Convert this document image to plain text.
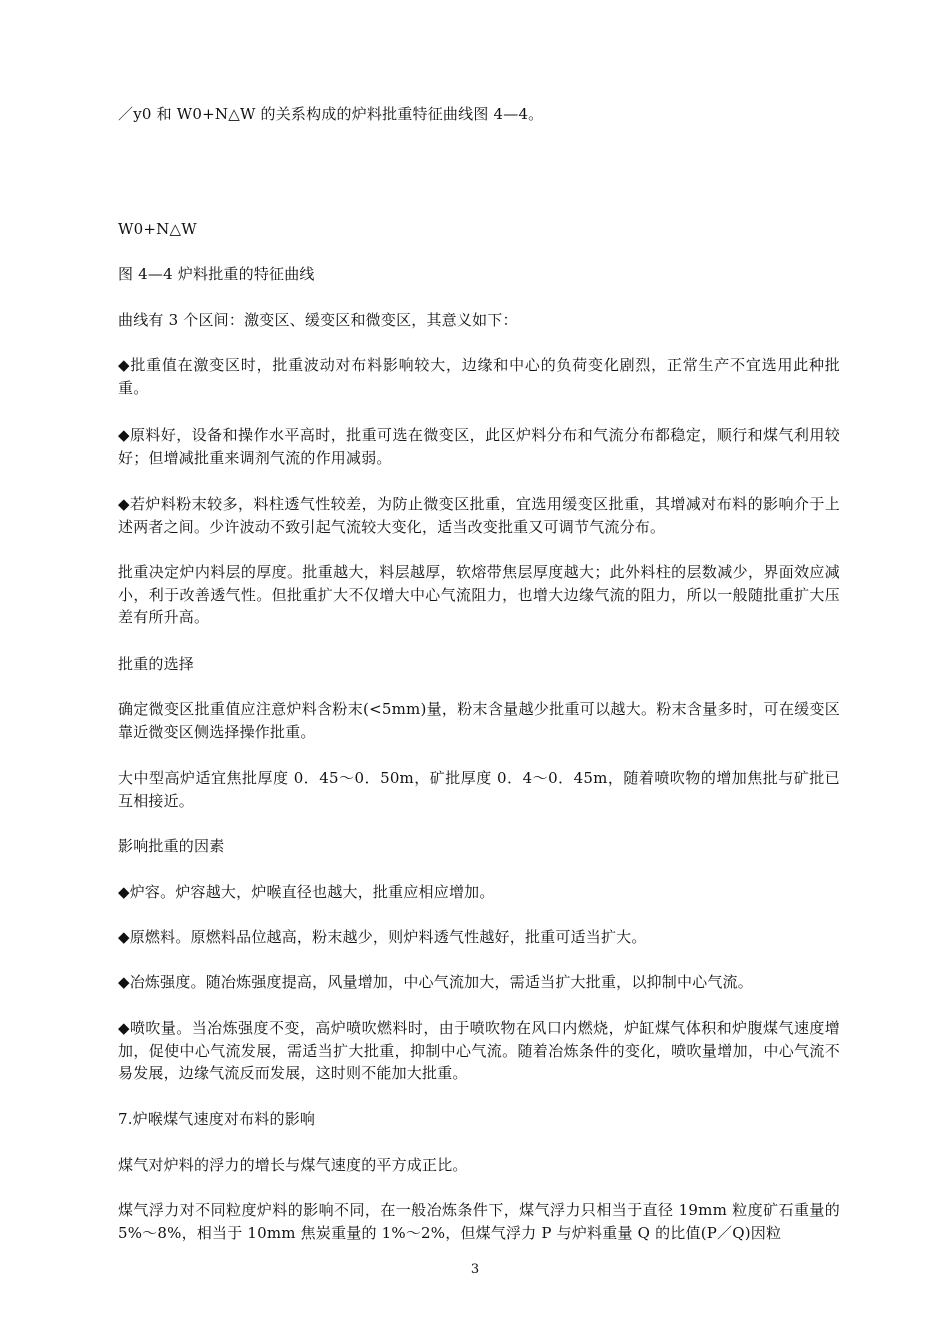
／y0 和 W0+N△W 的关系构成的炉料批重特征曲线图 4—4。

W0+N△W

图 4—4 炉料批重的特征曲线

曲线有 3 个区间：激变区、缓变区和微变区，其意义如下：

◆批重值在激变区时，批重波动对布料影响较大，边缘和中心的负荷变化剧烈，正常生产不宜选用此种批重。

◆原料好，设备和操作水平高时，批重可选在微变区，此区炉料分布和气流分布都稳定，顺行和煤气利用较好；但增减批重来调剂气流的作用减弱。

◆若炉料粉末较多，料柱透气性较差，为防止微变区批重，宜选用缓变区批重，其增减对布料的影响介于上述两者之间。少许波动不致引起气流较大变化，适当改变批重又可调节气流分布。

批重决定炉内料层的厚度。批重越大，料层越厚，软熔带焦层厚度越大；此外料柱的层数减少，界面效应减小，利于改善透气性。但批重扩大不仅增大中心气流阻力，也增大边缘气流的阻力，所以一般随批重扩大压差有所升高。

批重的选择

确定微变区批重值应注意炉料含粉末(<5mm)量，粉末含量越少批重可以越大。粉末含量多时，可在缓变区靠近微变区侧选择操作批重。

大中型高炉适宜焦批厚度 0．45～0．50m，矿批厚度 0．4～0．45m，随着喷吹物的增加焦批与矿批已互相接近。

影响批重的因素

◆炉容。炉容越大，炉喉直径也越大，批重应相应增加。

◆原燃料。原燃料品位越高，粉末越少，则炉料透气性越好，批重可适当扩大。

◆冶炼强度。随冶炼强度提高，风量增加，中心气流加大，需适当扩大批重，以抑制中心气流。

◆喷吹量。当冶炼强度不变，高炉喷吹燃料时，由于喷吹物在风口内燃烧，炉缸煤气体积和炉腹煤气速度增加，促使中心气流发展，需适当扩大批重，抑制中心气流。随着冶炼条件的变化，喷吹量增加，中心气流不易发展，边缘气流反而发展，这时则不能加大批重。

7.炉喉煤气速度对布料的影响

煤气对炉料的浮力的增长与煤气速度的平方成正比。

煤气浮力对不同粒度炉料的影响不同，在一般冶炼条件下，煤气浮力只相当于直径 19mm 粒度矿石重量的 5%～8%，相当于 10mm 焦炭重量的 1%～2%，但煤气浮力 P 与炉料重量 Q 的比值(P／Q)因粒

3
